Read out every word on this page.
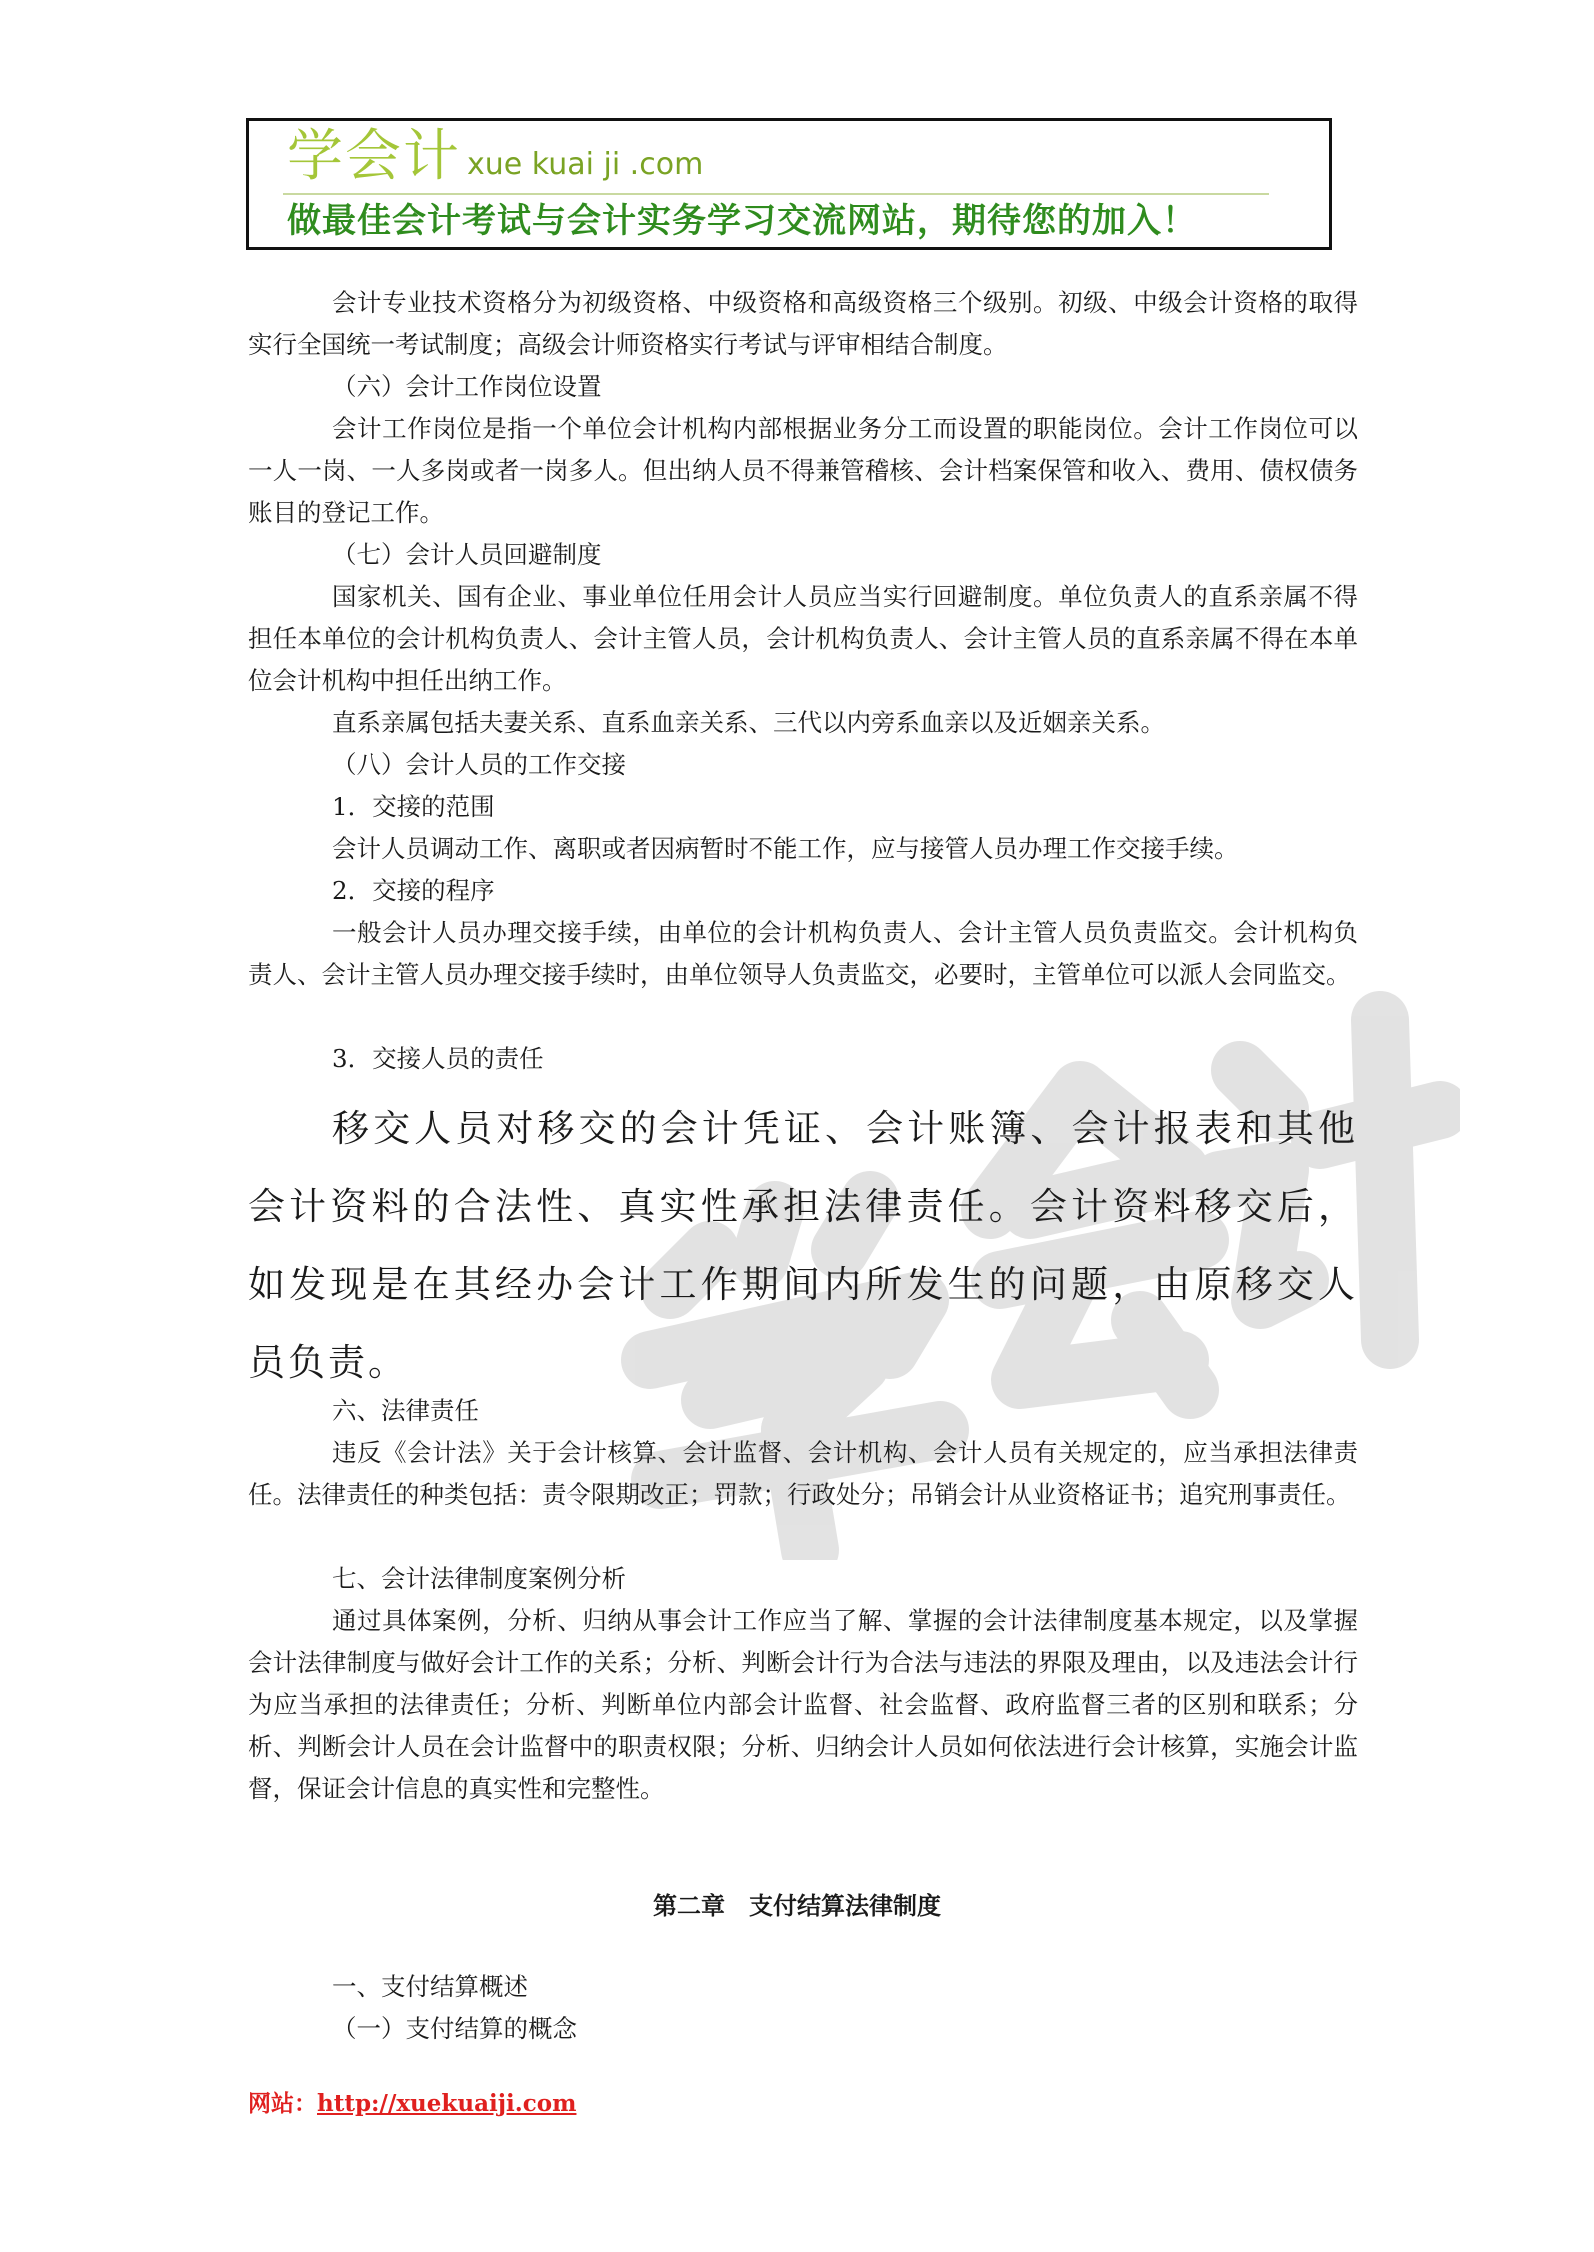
学会计 xue kuai ji .com
做最佳会计考试与会计实务学习交流网站，期待您的加入！

会计专业技术资格分为初级资格、中级资格和高级资格三个级别。初级、中级会计资格的取得实行全国统一考试制度；高级会计师资格实行考试与评审相结合制度。

（六）会计工作岗位设置

会计工作岗位是指一个单位会计机构内部根据业务分工而设置的职能岗位。会计工作岗位可以一人一岗、一人多岗或者一岗多人。但出纳人员不得兼管稽核、会计档案保管和收入、费用、债权债务账目的登记工作。

（七）会计人员回避制度

国家机关、国有企业、事业单位任用会计人员应当实行回避制度。单位负责人的直系亲属不得担任本单位的会计机构负责人、会计主管人员，会计机构负责人、会计主管人员的直系亲属不得在本单位会计机构中担任出纳工作。

直系亲属包括夫妻关系、直系血亲关系、三代以内旁系血亲以及近姻亲关系。

（八）会计人员的工作交接

1．交接的范围

会计人员调动工作、离职或者因病暂时不能工作，应与接管人员办理工作交接手续。

2．交接的程序

一般会计人员办理交接手续，由单位的会计机构负责人、会计主管人员负责监交。会计机构负责人、会计主管人员办理交接手续时，由单位领导人负责监交，必要时，主管单位可以派人会同监交。

3．交接人员的责任

移交人员对移交的会计凭证、会计账簿、会计报表和其他会计资料的合法性、真实性承担法律责任。会计资料移交后，如发现是在其经办会计工作期间内所发生的问题，由原移交人员负责。

六、法律责任

违反《会计法》关于会计核算、会计监督、会计机构、会计人员有关规定的，应当承担法律责任。法律责任的种类包括：责令限期改正；罚款；行政处分；吊销会计从业资格证书；追究刑事责任。

七、会计法律制度案例分析

通过具体案例，分析、归纳从事会计工作应当了解、掌握的会计法律制度基本规定，以及掌握会计法律制度与做好会计工作的关系；分析、判断会计行为合法与违法的界限及理由，以及违法会计行为应当承担的法律责任；分析、判断单位内部会计监督、社会监督、政府监督三者的区别和联系；分析、判断会计人员在会计监督中的职责权限；分析、归纳会计人员如何依法进行会计核算，实施会计监督，保证会计信息的真实性和完整性。

第二章　支付结算法律制度

一、支付结算概述

（一）支付结算的概念

网站：http://xuekuaiji.com
